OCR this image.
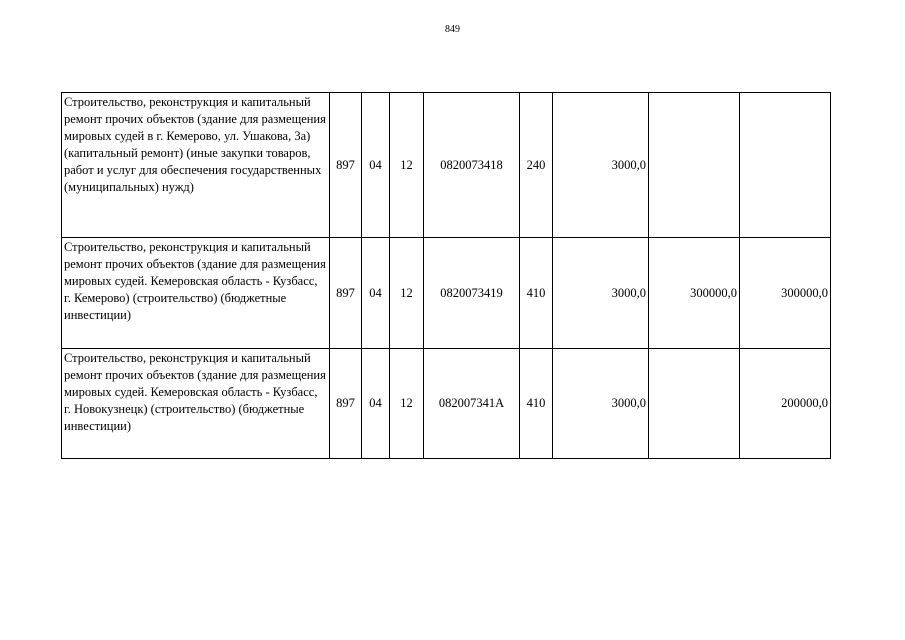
849
Строительство, реконструкция и капитальный ремонт прочих объектов (здание для размещения мировых судей в г. Кемерово, ул. Ушакова, 3а) (капитальный ремонт) (иные закупки товаров, работ и услуг для обеспечения государственных (муниципальных) нужд)	897	04	12	0820073418	240	3000,0		
Строительство, реконструкция и капитальный ремонт прочих объектов (здание для размещения мировых судей. Кемеровская область - Кузбасс, г. Кемерово) (строительство) (бюджетные инвестиции)	897	04	12	0820073419	410	3000,0	300000,0	300000,0
Строительство, реконструкция и капитальный ремонт прочих объектов (здание для размещения мировых судей. Кемеровская область - Кузбасс, г. Новокузнецк) (строительство) (бюджетные инвестиции)	897	04	12	082007341A	410	3000,0		200000,0
